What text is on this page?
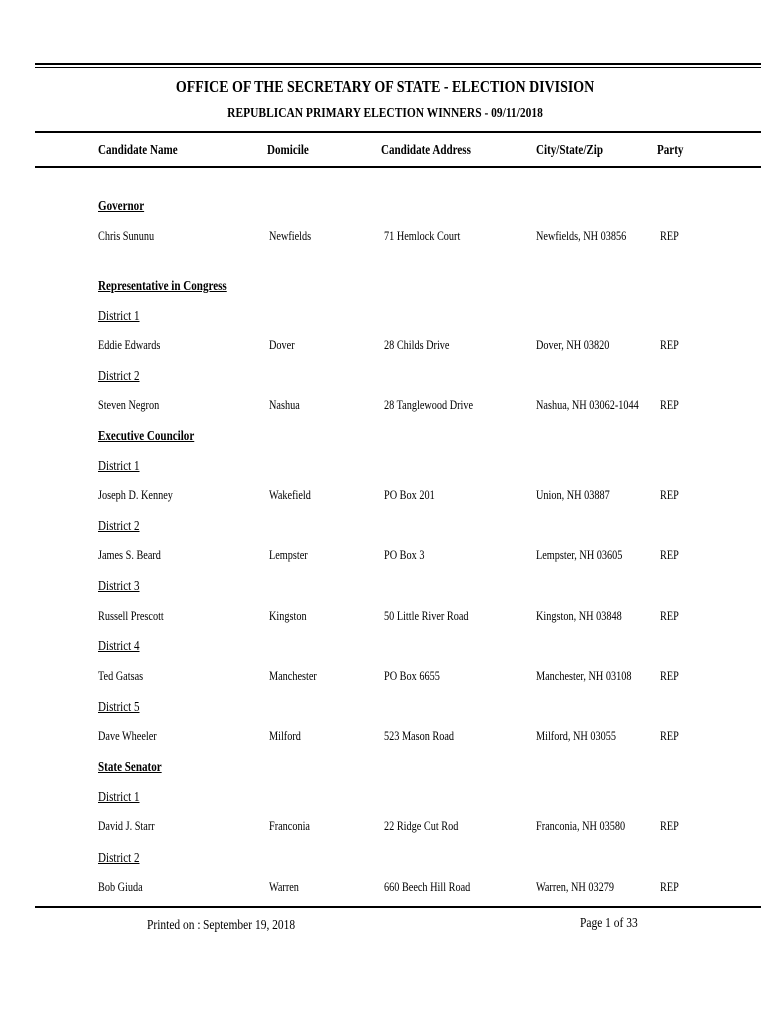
OFFICE OF THE SECRETARY OF STATE - ELECTION DIVISION
REPUBLICAN PRIMARY ELECTION WINNERS - 09/11/2018
Candidate Name	Domicile	Candidate Address	City/State/Zip	Party
Governor
Chris Sununu	Newfields	71 Hemlock Court	Newfields, NH 03856	REP
Representative in Congress
District 1
Eddie Edwards	Dover	28 Childs Drive	Dover, NH 03820	REP
District 2
Steven Negron	Nashua	28 Tanglewood Drive	Nashua, NH 03062-1044 REP
Executive Councilor
District 1
Joseph D. Kenney	Wakefield	PO Box 201	Union, NH 03887	REP
District 2
James S. Beard	Lempster	PO Box 3	Lempster, NH 03605	REP
District 3
Russell Prescott	Kingston	50 Little River Road	Kingston, NH 03848	REP
District 4
Ted Gatsas	Manchester	PO Box 6655	Manchester, NH 03108 REP
District 5
Dave Wheeler	Milford	523 Mason Road	Milford, NH 03055	REP
State Senator
District 1
David J. Starr	Franconia	22 Ridge Cut Rod	Franconia, NH 03580	REP
District 2
Bob Giuda	Warren	660 Beech Hill Road	Warren, NH 03279	REP
Printed on : September 19, 2018	Page 1 of 33
